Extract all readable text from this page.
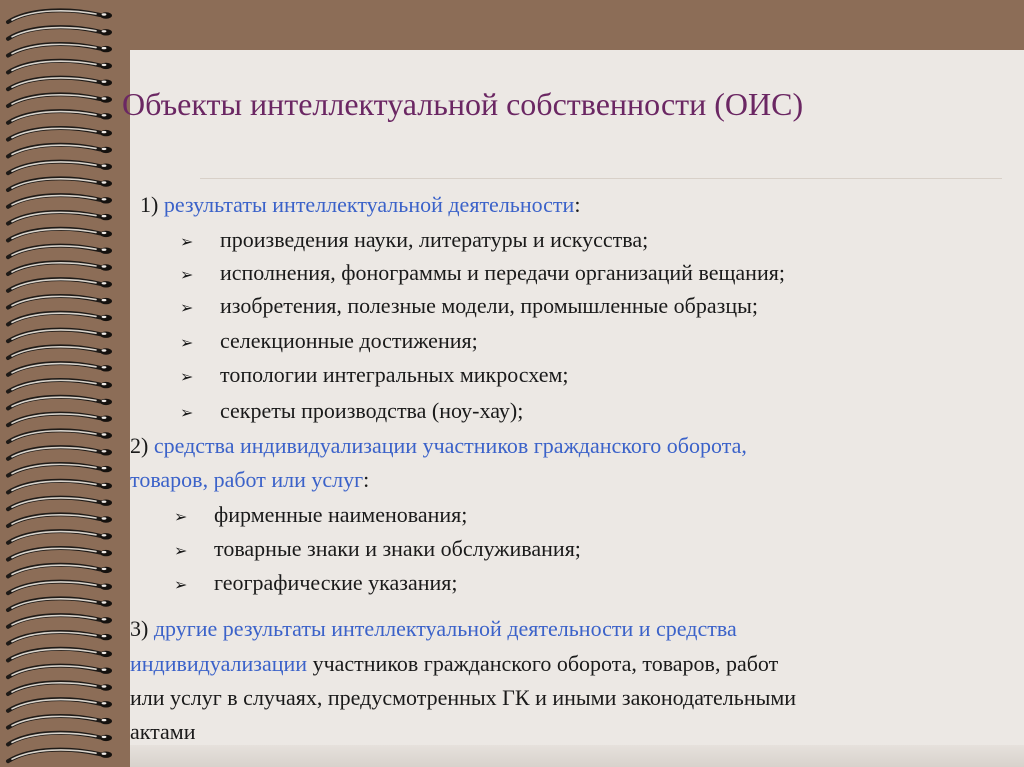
Объекты интеллектуальной собственности (ОИС)
1) результаты интеллектуальной деятельности:
➢ произведения науки, литературы и искусства;
➢ исполнения, фонограммы и передачи организаций вещания;
➢ изобретения, полезные модели, промышленные образцы;
➢ селекционные достижения;
➢ топологии интегральных микросхем;
➢ секреты производства (ноу-хау);
2) средства индивидуализации участников гражданского оборота,
товаров, работ или услуг:
➢ фирменные наименования;
➢ товарные знаки и знаки обслуживания;
➢ географические указания;
3) другие результаты интеллектуальной деятельности и средства
индивидуализации участников гражданского оборота, товаров, работ
или услуг в случаях, предусмотренных ГК и иными законодательными
актами
